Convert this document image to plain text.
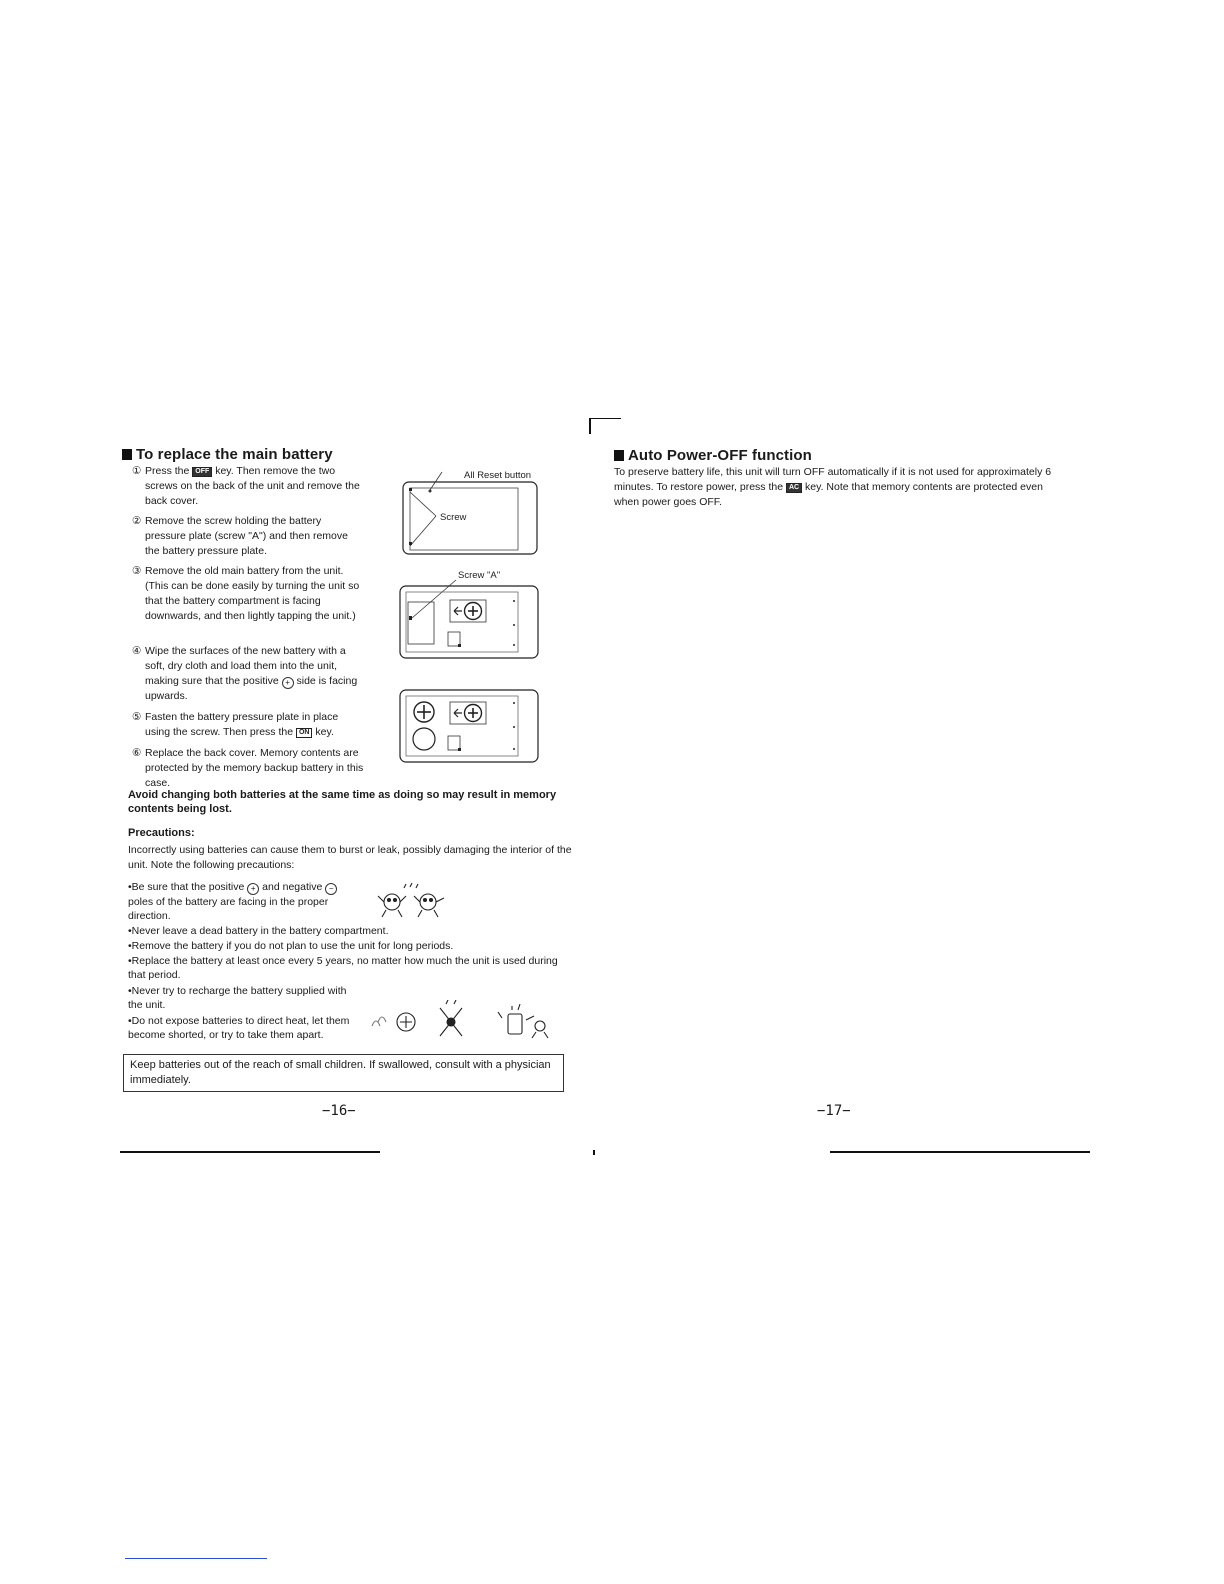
To replace the main battery
① Press the OFF key. Then remove the two screws on the back of the unit and remove the back cover.
② Remove the screw holding the battery pressure plate (screw "A") and then remove the battery pressure plate.
③ Remove the old main battery from the unit. (This can be done easily by turning the unit so that the battery compartment is facing downwards, and then lightly tapping the unit.)
④ Wipe the surfaces of the new battery with a soft, dry cloth and load them into the unit, making sure that the positive + side is facing upwards.
⑤ Fasten the battery pressure plate in place using the screw. Then press the ON key.
⑥ Replace the back cover. Memory contents are protected by the memory backup battery in this case.
All Reset button
Screw
Screw "A"
Avoid changing both batteries at the same time as doing so may result in memory contents being lost.
Precautions:
Incorrectly using batteries can cause them to burst or leak, possibly damaging the interior of the unit. Note the following precautions:
•Be sure that the positive + and negative − poles of the battery are facing in the proper direction.
•Never leave a dead battery in the battery compartment.
•Remove the battery if you do not plan to use the unit for long periods.
•Replace the battery at least once every 5 years, no matter how much the unit is used during that period.
•Never try to recharge the battery supplied with the unit.
•Do not expose batteries to direct heat, let them become shorted, or try to take them apart.
Keep batteries out of the reach of small children. If swallowed, consult with a physician immediately.
−16−
Auto Power-OFF function
To preserve battery life, this unit will turn OFF automatically if it is not used for approximately 6 minutes. To restore power, press the AC key. Note that memory contents are protected even when power goes OFF.
−17−
